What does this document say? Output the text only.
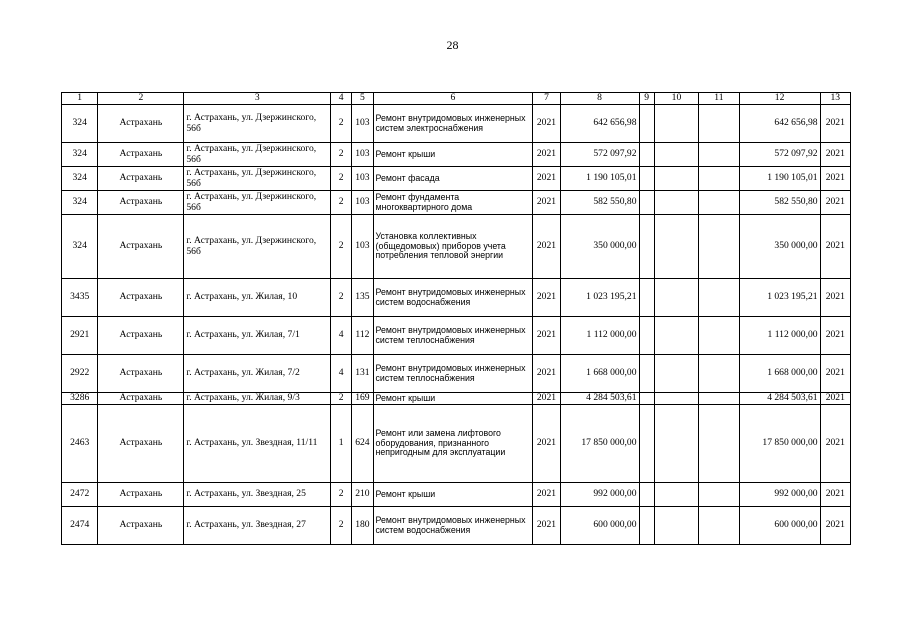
28
1	2	3	4	5	6	7	8	9	10	11	12	13
324	Астрахань	г. Астрахань, ул. Дзержинского, 56б	2	103	Ремонт внутридомовых инженерных систем электроснабжения	2021	642 656,98				642 656,98	2021
324	Астрахань	г. Астрахань, ул. Дзержинского, 56б	2	103	Ремонт крыши	2021	572 097,92				572 097,92	2021
324	Астрахань	г. Астрахань, ул. Дзержинского, 56б	2	103	Ремонт фасада	2021	1 190 105,01				1 190 105,01	2021
324	Астрахань	г. Астрахань, ул. Дзержинского, 56б	2	103	Ремонт фундамента многоквартирного дома	2021	582 550,80				582 550,80	2021
324	Астрахань	г. Астрахань, ул. Дзержинского, 56б	2	103	Установка коллективных (общедомовых) приборов учета потребления тепловой энергии	2021	350 000,00				350 000,00	2021
3435	Астрахань	г. Астрахань, ул. Жилая, 10	2	135	Ремонт внутридомовых инженерных систем водоснабжения	2021	1 023 195,21				1 023 195,21	2021
2921	Астрахань	г. Астрахань, ул. Жилая, 7/1	4	112	Ремонт внутридомовых инженерных систем теплоснабжения	2021	1 112 000,00				1 112 000,00	2021
2922	Астрахань	г. Астрахань, ул. Жилая, 7/2	4	131	Ремонт внутридомовых инженерных систем теплоснабжения	2021	1 668 000,00				1 668 000,00	2021
3286	Астрахань	г. Астрахань, ул. Жилая, 9/3	2	169	Ремонт крыши	2021	4 284 503,61				4 284 503,61	2021
2463	Астрахань	г. Астрахань, ул. Звездная, 11/11	1	624	Ремонт или замена лифтового оборудования, признанного непригодным для эксплуатации	2021	17 850 000,00				17 850 000,00	2021
2472	Астрахань	г. Астрахань, ул. Звездная, 25	2	210	Ремонт крыши	2021	992 000,00				992 000,00	2021
2474	Астрахань	г. Астрахань, ул. Звездная, 27	2	180	Ремонт внутридомовых инженерных систем водоснабжения	2021	600 000,00				600 000,00	2021
